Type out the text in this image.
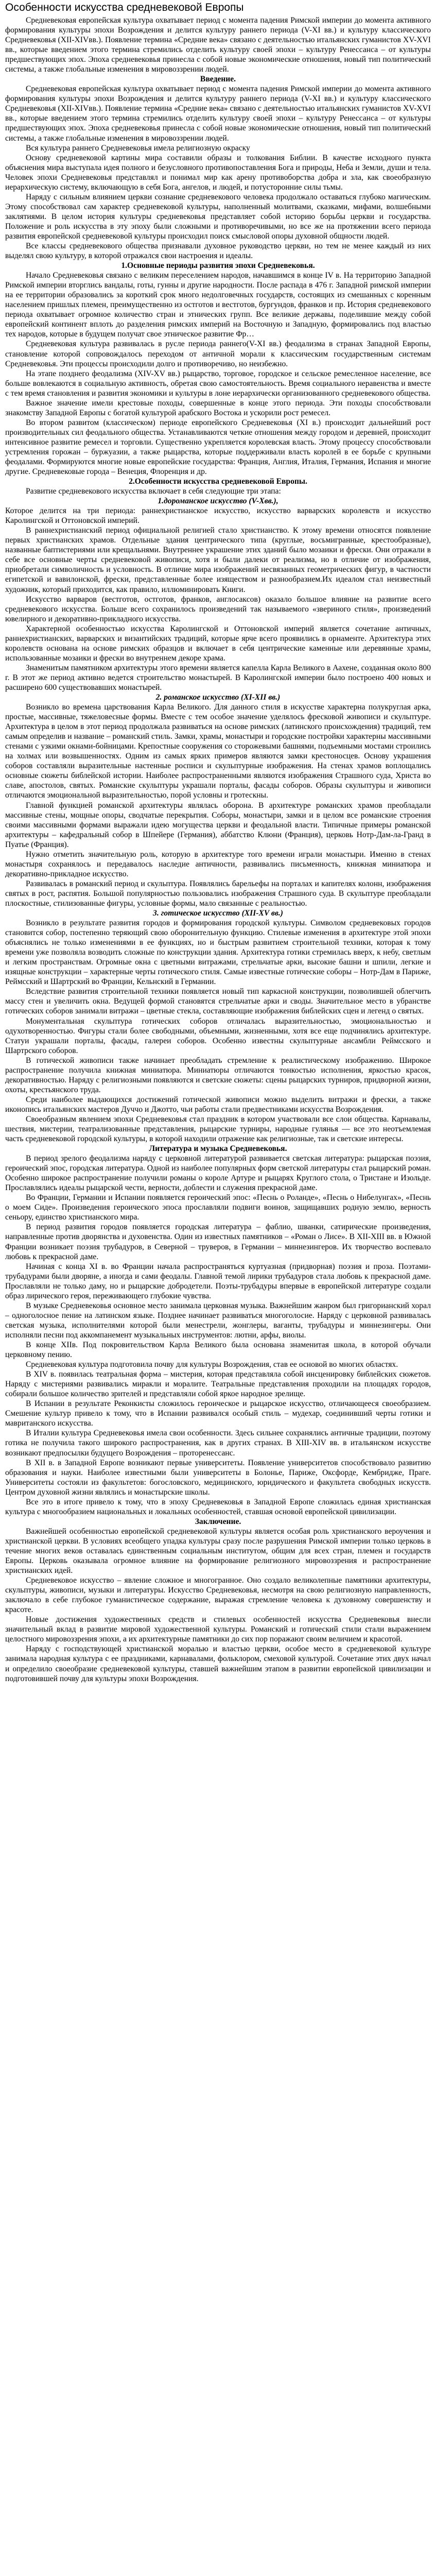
Особенности искусства средневековой Европы

Средневековая европейская культура охватывает период с момента падения Римской империи до момента активного формирования культуры эпохи Возрождения и делится культуру раннего периода (V-XI вв.) и культуру классического Средневековья (XII-XIVвв.). Появление термина «Средние века» связано с деятельностью итальянских гуманистов XV-XVI вв., которые введением этого термина стремились отделить культуру своей эпохи – культуру Ренессанса – от культуры предшествующих эпох. Эпоха средневековья принесла с собой новые экономические отношения, новый тип политический системы, а также глобальные изменения в мировоззрении людей.

Введение.

Средневековая европейская культура охватывает период с момента падения Римской империи до момента активного формирования культуры эпохи Возрождения и делится культуру раннего периода (V-XI вв.) и культуру классического Средневековья (XII-XIVвв.). Появление термина «Средние века» связано с деятельностью итальянских гуманистов XV-XVI вв., которые введением этого термина стремились отделить культуру своей эпохи – культуру Ренессанса – от культуры предшествующих эпох. Эпоха средневековья принесла с собой новые экономические отношения, новый тип политический системы, а также глобальные изменения в мировоззрении людей.

Вся культура раннего Средневековья имела религиозную окраску

Основу средневековой картины мира составили образы и толкования Библии. В качестве исходного пункта объяснения мира выступала идея полного и безусловного противопоставления Бога и природы, Неба и Земли, души и тела. Человек эпохи Средневековья представлял и понимал мир как арену противоборства добра и зла, как своеобразную иерархическую систему, включающую в себя Бога, ангелов, и людей, и потусторонние силы тьмы.

Наряду с сильным влиянием церкви сознание средневекового человека продолжало оставаться глубоко магическим. Этому способствовал сам характер средневековой культуры, наполненный молитвами, сказками, мифами, волшебными заклятиями. В целом история культуры средневековья представляет собой историю борьбы церкви и государства. Положение и роль искусства в эту эпоху были сложными и противоречивыми, но все же на протяжении всего периода развития европейской средневековой культуры происходил поиск смысловой опоры духовной общности людей.

Все классы средневекового общества признавали духовное руководство церкви, но тем не менее каждый из них выделял свою культуру, в которой отражался свои настроения и идеалы.

1.Основные периоды развития эпохи Средневековья.

Начало Средневековья связано с великим переселением народов, начавшимся в конце IV в. На территорию Западной Римской империи вторглись вандалы, готы, гунны и другие народности. После распада в 476 г. Западной римской империи на ее территории образовались за короткий срок много недолговечных государств, состоящих из смешанных с коренным населением пришлых племен, преимущественно из остготов и вестготов, бургундов, франков и пр. История средневекового периода охватывает огромное количество стран и этнических групп. Все великие державы, поделившие между собой европейский континент вплоть до разделения римских империй на Восточную и Западную, формировались под властью тех народов, которые в будущем получат свое этническое развитие Фр…

Средневековая культура развивалась в русле периода раннего(V-XI вв.) феодализма в странах Западной Европы, становление которой сопровождалось переходом от античной морали к классическим государственным системам Средневековья. Эти процессы происходили долго и противоречиво, но неизбежно.

На этапе позднего феодализма (XIV-XV вв.) рыцарство, торговое, городское и сельское ремесленное население, все больше вовлекаются в социальную активность, обретая свою самостоятельность. Время социального неравенства и вместе с тем время становления и развития экономики и культуры в лоне иерархически организованного средневекового общества.

Важное значение имели крестовые походы, совершенные в конце этого периода. Эти походы способствовали знакомству Западной Европы с богатой культурой арабского Востока и ускорили рост ремесел.

Во втором развитом (классическом) периоде европейского Средневековья (XI в.) происходит дальнейший рост производительных сил феодального общества. Устанавливаются четкие отношения между городом и деревней, происходит интенсивное развитие ремесел и торговли. Существенно укрепляется королевская власть. Этому процессу способствовали устремления горожан – буржуазии, а также рыцарства, которые поддерживали власть королей в ее борьбе с крупными феодалами. Формируются многие новые европейские государства: Франция, Англия, Италия, Германия, Испания и многие другие. Средневековые города – Венеция, Флоренция и др.

2.Особенности искусства средневековой Европы.

Развитие средневекового искусства включает в себя следующие три этапа:

1.дороманское искусство (V-Xвв.),

Которое делится на три периода: раннехристианское искусство, искусство варварских королевств и искусство Каролингской и Оттоновской империй.

В раннехристианский период официальной религией стало христианство. К этому времени относятся появление первых христианских храмов. Отдельные здания центрического типа (круглые, восьмигранные, крестообразные), названные баптистериями или крещальнями. Внутреннее украшение этих зданий было мозаики и фрески. Они отражали в себе все основные черты средневековой живописи, хотя и были далеки от реализма, но в отличие от изображения, приобретали символичность и условность. В отличие мира изображений несвязанных геометрических фигур, в частности египетской и вавилонской, фрески, представленные более изяществом и разнообразием.Их идеалом стал неизвестный художник, который приходится, как правило, иллюминировать Книги.

Искусство варваров (вестготов, остготов, франков, англосаксов) оказало большое влияние на развитие всего средневекового искусства. Больше всего сохранилось произведений так называемого «звериного стиля», произведений ювелирного и декоративно-прикладного искусства.

Характерной особенностью искусства Каролингской и Оттоновской империй является сочетание античных, раннехристианских, варварских и византийских традиций, которые ярче всего проявились в орнаменте. Архитектура этих королевств основана на основе римских образцов и включает в себя центрические каменные или деревянные храмы, использованные мозаики и фрески во внутреннем декоре храма.

Знаменитым памятником архитектуры этого времени является капелла Карла Великого в Аахене, созданная около 800 г. В этот же период активно ведется строительство монастырей. В Каролингской империи было построено 400 новых и расширено 600 существовавших монастырей.

2. романское искусство (XI-XII вв.)

Возникло во времена царствования Карла Великого. Для данного стиля в искусстве характерна полукруглая арка, простые, массивные, тяжеловесные формы. Вместе с тем особое значение уделялось фресковой живописи и скульптуре. Архитектура в целом в этот период продолжала развиваться на основе римских (латинского происхождения) традиций, тем самым определив и название – романский стиль. Замки, храмы, монастыри и городские постройки характерны массивными стенами с узкими окнами-бойницами. Крепостные сооружения со сторожевыми башнями, подъемными мостами строились на холмах или возвышенностях. Одним из самых ярких примеров являются замки крестоносцев. Основу украшения соборов составляли выразительные настенные росписи и скульптурные изображения. На стенах храмов воплощались основные сюжеты библейской истории. Наиболее распространенными являются изображения Страшного суда, Христа во славе, апостолов, святых. Романские скульптуры украшали порталы, фасады соборов. Образы скульптуры и живописи отличаются эмоциональной выразительностью, порой условны и гротескны.

Главной функцией романской архитектуры являлась оборона. В архитектуре романских храмов преобладали массивные стены, мощные опоры, сводчатые перекрытия. Соборы, монастыри, замки и в целом все романские строения своими массивными формами выражали идею могущества церкви и феодальной власти. Типичные примеры романской архитектуры – кафедральный собор в Шпейере (Германия), аббатство Клюни (Франция), церковь Нотр-Дам-ла-Гранд в Пуатье (Франция).

Нужно отметить значительную роль, которую в архитектуре того времени играли монастыри. Именно в стенах монастыря сохранялось и передавалось наследие античности, развивались письменность, книжная миниатюра и декоративно-прикладное искусство.

Развивалась в романский период и скульптура. Появлялись барельефы на порталах и капителях колонн, изображения святых в рост, распятия. Большой популярностью пользовались изображения Страшного суда. В скульптуре преобладали плоскостные, стилизованные фигуры, условные формы, мало связанные с реальностью.

3. готическое искусство (XII-XV вв.)

Возникло в результате развития городов и формирования городской культуры. Символом средневековых городов становится собор, постепенно теряющий свою оборонительную функцию. Стилевые изменения в архитектуре этой эпохи объяснялись не только изменениями в ее функциях, но и быстрым развитием строительной техники, которая к тому времени уже позволяла возводить сложные по конструкции здания. Архитектура готики стремилась вверх, к небу, светлым и легким пространствам. Огромные окна с цветными витражами, стрельчатые арки, высокие башни и шпили, легкие и изящные конструкции – характерные черты готического стиля. Самые известные готические соборы – Нотр-Дам в Париже, Реймсский и Шартрский во Франции, Кельнский в Германии.

Вследствие развития строительной техники появляется новый тип каркасной конструкции, позволившей облегчить массу стен и увеличить окна. Ведущей формой становятся стрельчатые арки и своды. Значительное место в убранстве готических соборов занимали витражи – цветные стекла, составляющие изображения библейских сцен и легенд о святых.

Монументальная скульптура готических соборов отличалась выразительностью, эмоциональностью и одухотворенностью. Фигуры стали более свободными, объемными, жизненными, хотя все еще подчинялись архитектуре. Статуи украшали порталы, фасады, галереи соборов. Особенно известны скульптурные ансамбли Реймсского и Шартрского соборов.

В готической живописи также начинает преобладать стремление к реалистическому изображению. Широкое распространение получила книжная миниатюра. Миниатюры отличаются тонкостью исполнения, яркостью красок, декоративностью. Наряду с религиозными появляются и светские сюжеты: сцены рыцарских турниров, придворной жизни, охоты, крестьянского труда.

Среди наиболее выдающихся достижений готической живописи можно выделить витражи и фрески, а также иконопись итальянских мастеров Дуччо и Джотто, чьи работы стали предвестниками искусства Возрождения.

Своеобразным явлением эпохи Средневековья стал праздник в котором участвовали все слои общества. Карнавалы, шествия, мистерии, театрализованные представления, рыцарские турниры, народные гулянья — все это неотъемлемая часть средневековой городской культуры, в которой находили отражение как религиозные, так и светские интересы.

Литература и музыка Средневековья.

В период зрелого феодализма наряду с церковной литературой развивается светская литература: рыцарская поэзия, героический эпос, городская литература. Одной из наиболее популярных форм светской литературы стал рыцарский роман. Особенно широкое распространение получили романы о короле Артуре и рыцарях Круглого стола, о Тристане и Изольде. Прославлялись идеалы рыцарской чести, верности, доблести и служения прекрасной даме.

Во Франции, Германии и Испании появляется героический эпос: «Песнь о Роланде», «Песнь о Нибелунгах», «Песнь о моем Сиде». Произведения героического эпоса прославляли подвиги воинов, защищавших родную землю, верность сеньору, единство христианского мира.

В период развития городов появляется городская литература – фаблио, шванки, сатирические произведения, направленные против дворянства и духовенства. Один из известных памятников – «Роман о Лисе». В XII-XIII вв. в Южной Франции возникает поэзия трубадуров, в Северной – труверов, в Германии – миннезингеров. Их творчество воспевало любовь к прекрасной даме.

Начиная с конца XI в. во Франции начала распространяться куртуазная (придворная) поэзия и проза. Поэтами-трубадурами были дворяне, а иногда и сами феодалы. Главной темой лирики трубадуров стала любовь к прекрасной даме. Прославляли не только даму, но и рыцарские добродетели. Поэты-трубадуры впервые в европейской литературе создали образ лирического героя, переживающего глубокие чувства.

В музыке Средневековья основное место занимала церковная музыка. Важнейшим жанром был григорианский хорал – одноголосное пение на латинском языке. Позднее начинает развиваться многоголосие. Наряду с церковной развивалась светская музыка, исполнителями которой были менестрели, жонглеры, ваганты, трубадуры и миннезингеры. Они исполняли песни под аккомпанемент музыкальных инструментов: лютни, арфы, виолы.

В конце XIIв. Под покровительством Карла Великого была основана знаменитая школа, в которой обучали церковному пению.

Средневековая культура подготовила почву для культуры Возрождения, став ее основой во многих областях.

В XIV в. появилась театральная форма – мистерия, которая представляла собой инсценировку библейских сюжетов. Наряду с мистериями развивались миракли и моралите. Театральные представления проходили на площадях городов, собирали большое количество зрителей и представляли собой яркое народное зрелище.

В Испании в результате Реконкисты сложилось героическое и рыцарское искусство, отличающееся своеобразием. Смешение культур привело к тому, что в Испании развивался особый стиль – мудехар, соединивший черты готики и мавританского искусства.

В Италии культура Средневековья имела свои особенности. Здесь сильнее сохранялись античные традиции, поэтому готика не получила такого широкого распространения, как в других странах. В XIII-XIV вв. в итальянском искусстве возникают предпосылки будущего Возрождения – проторенессанс.

В XII в. в Западной Европе возникают первые университеты. Появление университетов способствовало развитию образования и науки. Наиболее известными были университеты в Болонье, Париже, Оксфорде, Кембридже, Праге. Университеты состояли из факультетов: богословского, медицинского, юридического и факультета свободных искусств. Центром духовной жизни являлись и монастырские школы.

Все это в итоге привело к тому, что в эпоху Средневековья в Западной Европе сложилась единая христианская культура с многообразием национальных и локальных особенностей, ставшая основой европейской цивилизации.

Заключение.

Важнейшей особенностью европейской средневековой культуры является особая роль христианского вероучения и христианской церкви. В условиях всеобщего упадка культуры сразу после разрушения Римской империи только церковь в течение многих веков оставалась единственным социальным институтом, общим для всех стран, племен и государств Европы. Церковь оказывала огромное влияние на формирование религиозного мировоззрения и распространение христианских идей.

Средневековое искусство – явление сложное и многогранное. Оно создало великолепные памятники архитектуры, скульптуры, живописи, музыки и литературы. Искусство Средневековья, несмотря на свою религиозную направленность, заключало в себе глубокое гуманистическое содержание, выражая стремление человека к духовному совершенству и красоте.

Новые достижения художественных средств и стилевых особенностей искусства Средневековья внесли значительный вклад в развитие мировой художественной культуры. Романский и готический стили стали выражением целостного мировоззрения эпохи, а их архитектурные памятники до сих пор поражают своим величием и красотой.

Наряду с господствующей христианской моралью и властью церкви, особое место в средневековой культуре занимала народная культура с ее праздниками, карнавалами, фольклором, смеховой культурой. Сочетание этих двух начал и определило своеобразие средневековой культуры, ставшей важнейшим этапом в развитии европейской цивилизации и подготовившей почву для культуры эпохи Возрождения.
